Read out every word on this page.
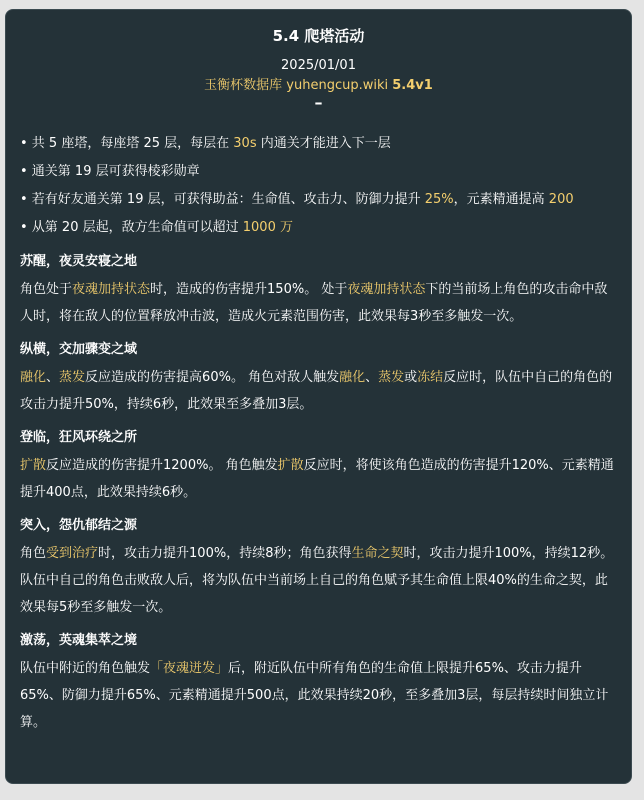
5.4 爬塔活动
2025/01/01
玉衡杯数据库 yuhengcup.wiki 5.4v1
–
• 共 5 座塔，每座塔 25 层，每层在 30s 内通关才能进入下一层
• 通关第 19 层可获得棱彩勋章
• 若有好友通关第 19 层，可获得助益：生命值、攻击力、防御力提升 25%，元素精通提高 200
• 从第 20 层起，敌方生命值可以超过 1000 万
苏醒，夜灵安寝之地
角色处于夜魂加持状态时，造成的伤害提升150%。 处于夜魂加持状态下的当前场上角色的攻击命中敌人时，将在敌人的位置释放冲击波，造成火元素范围伤害，此效果每3秒至多触发一次。
纵横，交加骤变之域
融化、蒸发反应造成的伤害提高60%。 角色对敌人触发融化、蒸发或冻结反应时，队伍中自己的角色的攻击力提升50%，持续6秒，此效果至多叠加3层。
登临，狂风环绕之所
扩散反应造成的伤害提升1200%。 角色触发扩散反应时，将使该角色造成的伤害提升120%、元素精通提升400点，此效果持续6秒。
突入，怨仇郁结之源
角色受到治疗时，攻击力提升100%，持续8秒；角色获得生命之契时，攻击力提升100%，持续12秒。 队伍中自己的角色击败敌人后，将为队伍中当前场上自己的角色赋予其生命值上限40%的生命之契，此效果每5秒至多触发一次。
激荡，英魂集萃之境
队伍中附近的角色触发「夜魂迸发」后，附近队伍中所有角色的生命值上限提升65%、攻击力提升65%、防御力提升65%、元素精通提升500点，此效果持续20秒，至多叠加3层，每层持续时间独立计算。
